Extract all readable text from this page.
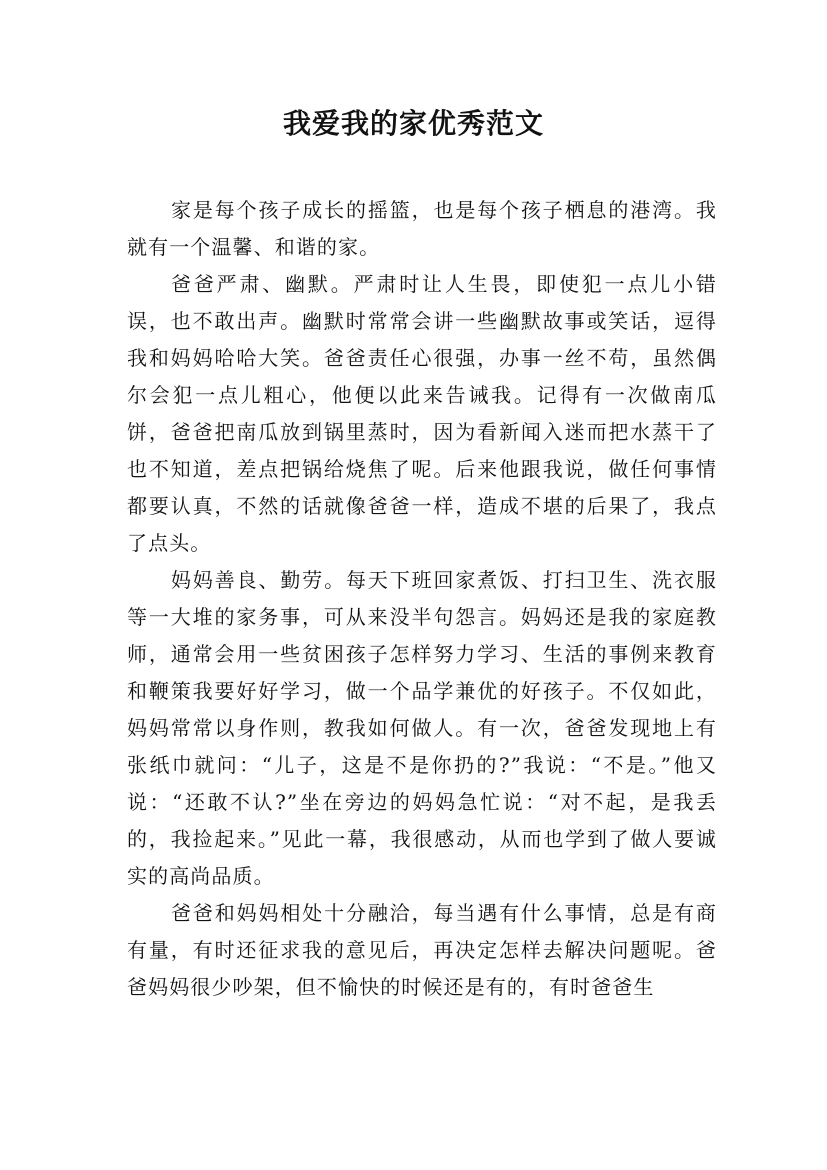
我爱我的家优秀范文

家是每个孩子成长的摇篮，也是每个孩子栖息的港湾。我就有一个温馨、和谐的家。

爸爸严肃、幽默。严肃时让人生畏，即使犯一点儿小错误，也不敢出声。幽默时常常会讲一些幽默故事或笑话，逗得我和妈妈哈哈大笑。爸爸责任心很强，办事一丝不苟，虽然偶尔会犯一点儿粗心，他便以此来告诫我。记得有一次做南瓜饼，爸爸把南瓜放到锅里蒸时，因为看新闻入迷而把水蒸干了也不知道，差点把锅给烧焦了呢。后来他跟我说，做任何事情都要认真，不然的话就像爸爸一样，造成不堪的后果了，我点了点头。

妈妈善良、勤劳。每天下班回家煮饭、打扫卫生、洗衣服等一大堆的家务事，可从来没半句怨言。妈妈还是我的家庭教师，通常会用一些贫困孩子怎样努力学习、生活的事例来教育和鞭策我要好好学习，做一个品学兼优的好孩子。不仅如此，妈妈常常以身作则，教我如何做人。有一次，爸爸发现地上有张纸巾就问：“儿子，这是不是你扔的?”我说：“不是。”他又说：“还敢不认?”坐在旁边的妈妈急忙说：“对不起，是我丢的，我捡起来。”见此一幕，我很感动，从而也学到了做人要诚实的高尚品质。

爸爸和妈妈相处十分融洽，每当遇有什么事情，总是有商有量，有时还征求我的意见后，再决定怎样去解决问题呢。爸爸妈妈很少吵架，但不愉快的时候还是有的，有时爸爸生
